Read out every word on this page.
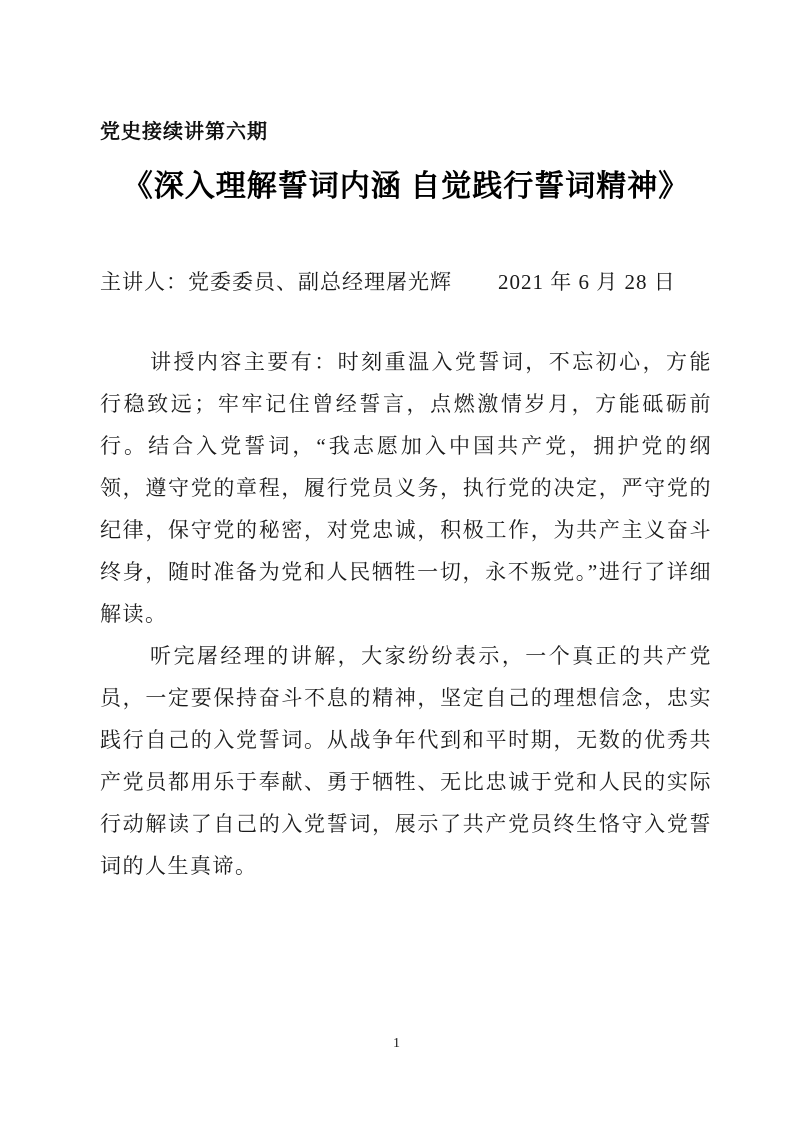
党史接续讲第六期
《深入理解誓词内涵 自觉践行誓词精神》
主讲人：党委委员、副总经理屠光辉 2021 年 6 月 28 日

讲授内容主要有：时刻重温入党誓词，不忘初心，方能行稳致远；牢牢记住曾经誓言，点燃激情岁月，方能砥砺前行。结合入党誓词，“我志愿加入中国共产党，拥护党的纲领，遵守党的章程，履行党员义务，执行党的决定，严守党的纪律，保守党的秘密，对党忠诚，积极工作，为共产主义奋斗终身，随时准备为党和人民牺牲一切，永不叛党。”进行了详细解读。

听完屠经理的讲解，大家纷纷表示，一个真正的共产党员，一定要保持奋斗不息的精神，坚定自己的理想信念，忠实践行自己的入党誓词。从战争年代到和平时期，无数的优秀共产党员都用乐于奉献、勇于牺牲、无比忠诚于党和人民的实际行动解读了自己的入党誓词，展示了共产党员终生恪守入党誓词的人生真谛。

1
